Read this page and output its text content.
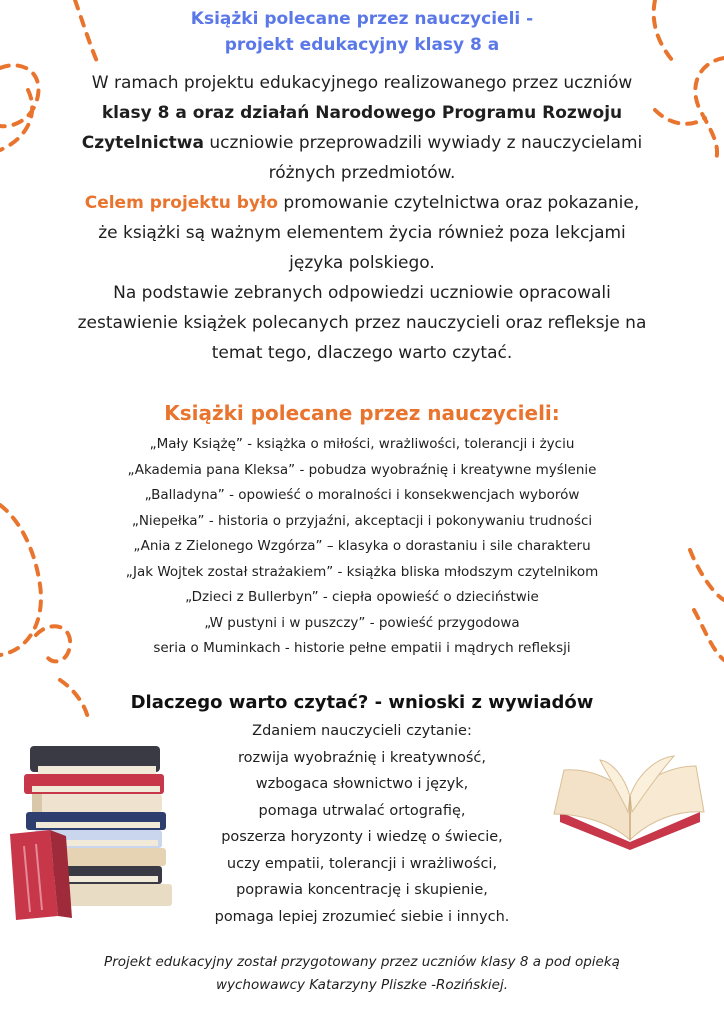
Książki polecane przez nauczycieli -
projekt edukacyjny klasy 8 a
W ramach projektu edukacyjnego realizowanego przez uczniów
klasy 8 a oraz działań Narodowego Programu Rozwoju
Czytelnictwa uczniowie przeprowadzili wywiady z nauczycielami
różnych przedmiotów.
Celem projektu było promowanie czytelnictwa oraz pokazanie,
że książki są ważnym elementem życia również poza lekcjami
języka polskiego.
Na podstawie zebranych odpowiedzi uczniowie opracowali
zestawienie książek polecanych przez nauczycieli oraz refleksje na
temat tego, dlaczego warto czytać.
Książki polecane przez nauczycieli:
„Mały Książę” - książka o miłości, wrażliwości, tolerancji i życiu
„Akademia pana Kleksa” - pobudza wyobraźnię i kreatywne myślenie
„Balladyna” - opowieść o moralności i konsekwencjach wyborów
„Niepełka” - historia o przyjaźni, akceptacji i pokonywaniu trudności
„Ania z Zielonego Wzgórza” – klasyka o dorastaniu i sile charakteru
„Jak Wojtek został strażakiem” - książka bliska młodszym czytelnikom
„Dzieci z Bullerbyn” - ciepła opowieść o dzieciństwie
„W pustyni i w puszczy” - powieść przygodowa
seria o Muminkach - historie pełne empatii i mądrych refleksji
Dlaczego warto czytać? - wnioski z wywiadów
Zdaniem nauczycieli czytanie:
rozwija wyobraźnię i kreatywność,
wzbogaca słownictwo i język,
pomaga utrwalać ortografię,
poszerza horyzonty i wiedzę o świecie,
uczy empatii, tolerancji i wrażliwości,
poprawia koncentrację i skupienie,
pomaga lepiej zrozumieć siebie i innych.
Projekt edukacyjny został przygotowany przez uczniów klasy 8 a pod opieką
wychowawcy Katarzyny Pliszke -Rozińskiej.
